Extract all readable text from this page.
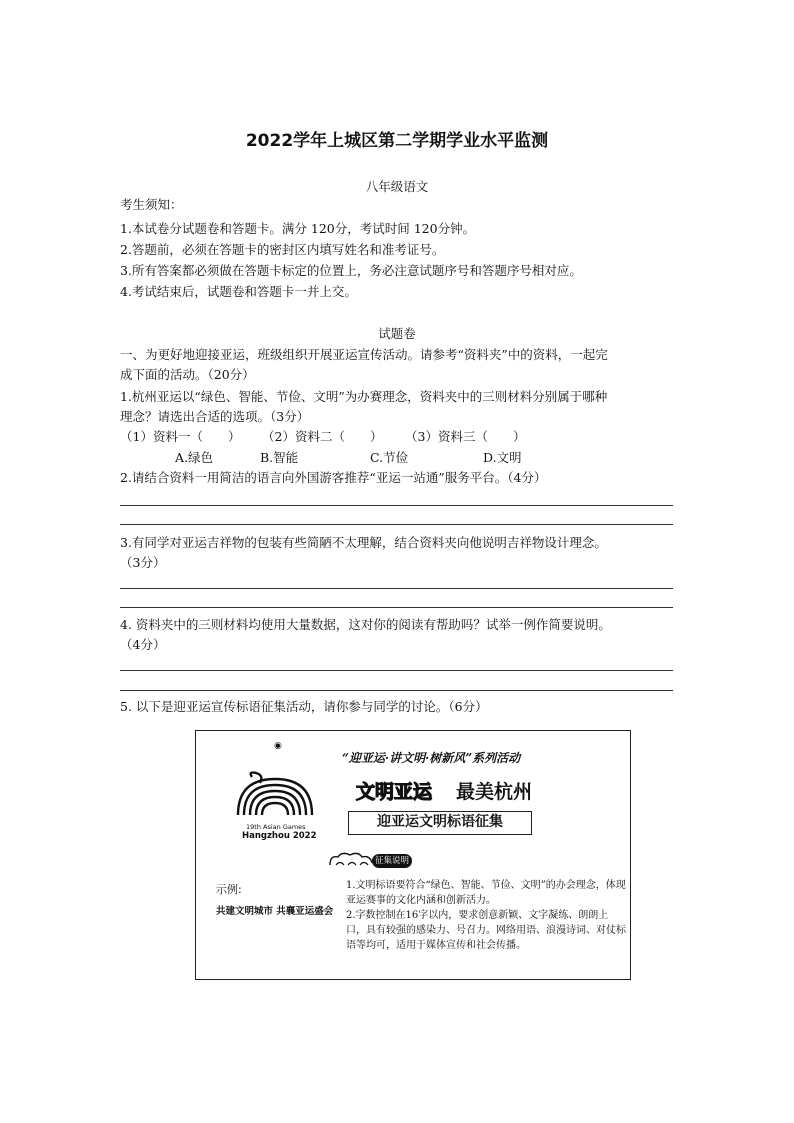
2022学年上城区第二学期学业水平监测
八年级语文
考生须知：
1.本试卷分试题卷和答题卡。满分 120分，考试时间 120分钟。
2.答题前，必须在答题卡的密封区内填写姓名和准考证号。
3.所有答案都必须做在答题卡标定的位置上，务必注意试题序号和答题序号相对应。
4.考试结束后，试题卷和答题卡一并上交。
试题卷
一、为更好地迎接亚运，班级组织开展亚运宣传活动。请参考“资料夹”中的资料，一起完
成下面的活动。（20分）
1.杭州亚运以“绿色、智能、节俭、文明”为办赛理念，资料夹中的三则材料分别属于哪种
理念？请选出合适的选项。（3分）
（1）资料一（　　） （2）资料二（　　） （3）资料三（　　）
A.绿色	B.智能	C.节俭	D.文明
2.请结合资料一用简洁的语言向外国游客推荐“亚运一站通”服务平台。（4分）
3.有同学对亚运吉祥物的包装有些简陋不太理解，结合资料夹向他说明吉祥物设计理念。
（3分）
4. 资料夹中的三则材料均使用大量数据，这对你的阅读有帮助吗？试举一例作简要说明。
（4分）
5. 以下是迎亚运宣传标语征集活动，请你参与同学的讨论。（6分）
◉
19th Asian Games
Hangzhou 2022
“迎亚运·讲文明·树新风”系列活动
文明亚运 最美杭州
迎亚运文明标语征集
征集说明
示例:
共建文明城市 共襄亚运盛会
1.文明标语要符合“绿色、智能、节俭、文明”的办会理念，体现亚运赛事的文化内涵和创新活力。
2.字数控制在16字以内，要求创意新颖、文字凝练、朗朗上口，具有较强的感染力、号召力。网络用语、浪漫诗词、对仗标语等均可，适用于媒体宣传和社会传播。
